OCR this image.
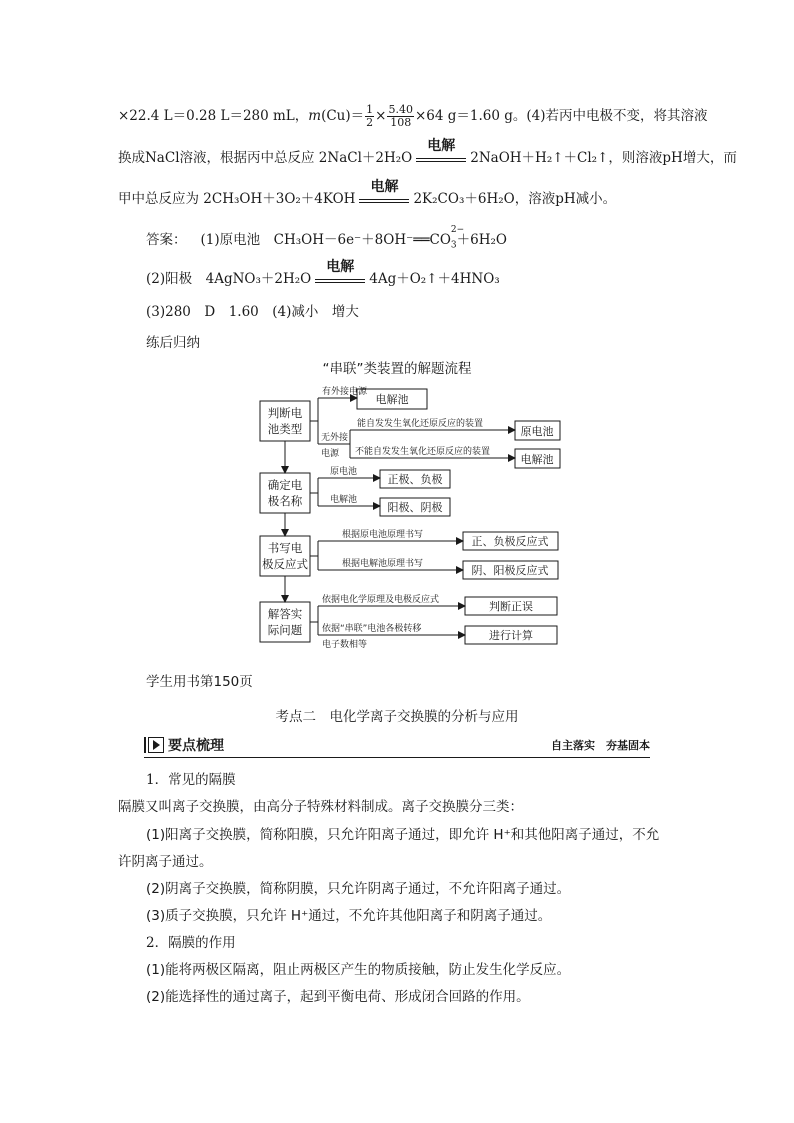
×22.4 L＝0.28 L＝280 mL，$m(Cu)= \frac{1}{2} \times \frac{5.40}{108} \times 64$ g＝1.60 g。(4)若丙中电极不变，将其溶液
换成NaCl溶液，根据丙中总反应 2NaCl＋2H₂O
电解
2NaOH＋H₂↑＋Cl₂↑，则溶液pH增大，而
甲中总反应为 2CH₃OH＋3O₂＋4KOH
电解
2K₂CO₃＋6H₂O，溶液pH减小。
答案： (1)原电池　CH₃OH－6e⁻＋8OH⁻══CO
2−
$_3$＋6H₂O
(2)阳极　4AgNO₃＋2H₂O
电解
4Ag＋O₂↑＋4HNO₃
(3)280　D　1.60　(4)减小　增大
练后归纳
“串联”类装置的解题流程
判断电
池类型
确定电
极名称
书写电
极反应式
解答实
际问题
有外接电源
无外接
电源
能自发发生氧化还原反应的装置
不能自发发生氧化还原反应的装置
原电池
电解池
根据原电池原理书写
根据电解池原理书写
依据电化学原理及电极反应式
依据“串联”电池各极转移
电子数相等
电解池
原电池
电解池
正极、负极
阳极、阴极
正、负极反应式
阴、阳极反应式
判断正误
进行计算
学生用书第150页
考点二　电化学离子交换膜的分析与应用
要点梳理	自主落实　夯基固本
1．常见的隔膜
隔膜又叫离子交换膜，由高分子特殊材料制成。离子交换膜分三类：
(1)阳离子交换膜，简称阳膜，只允许阳离子通过，即允许 H⁺和其他阳离子通过，不允
许阴离子通过。
(2)阴离子交换膜，简称阴膜，只允许阴离子通过，不允许阳离子通过。
(3)质子交换膜，只允许 H⁺通过，不允许其他阳离子和阴离子通过。
2．隔膜的作用
(1)能将两极区隔离，阻止两极区产生的物质接触，防止发生化学反应。
(2)能选择性的通过离子，起到平衡电荷、形成闭合回路的作用。
